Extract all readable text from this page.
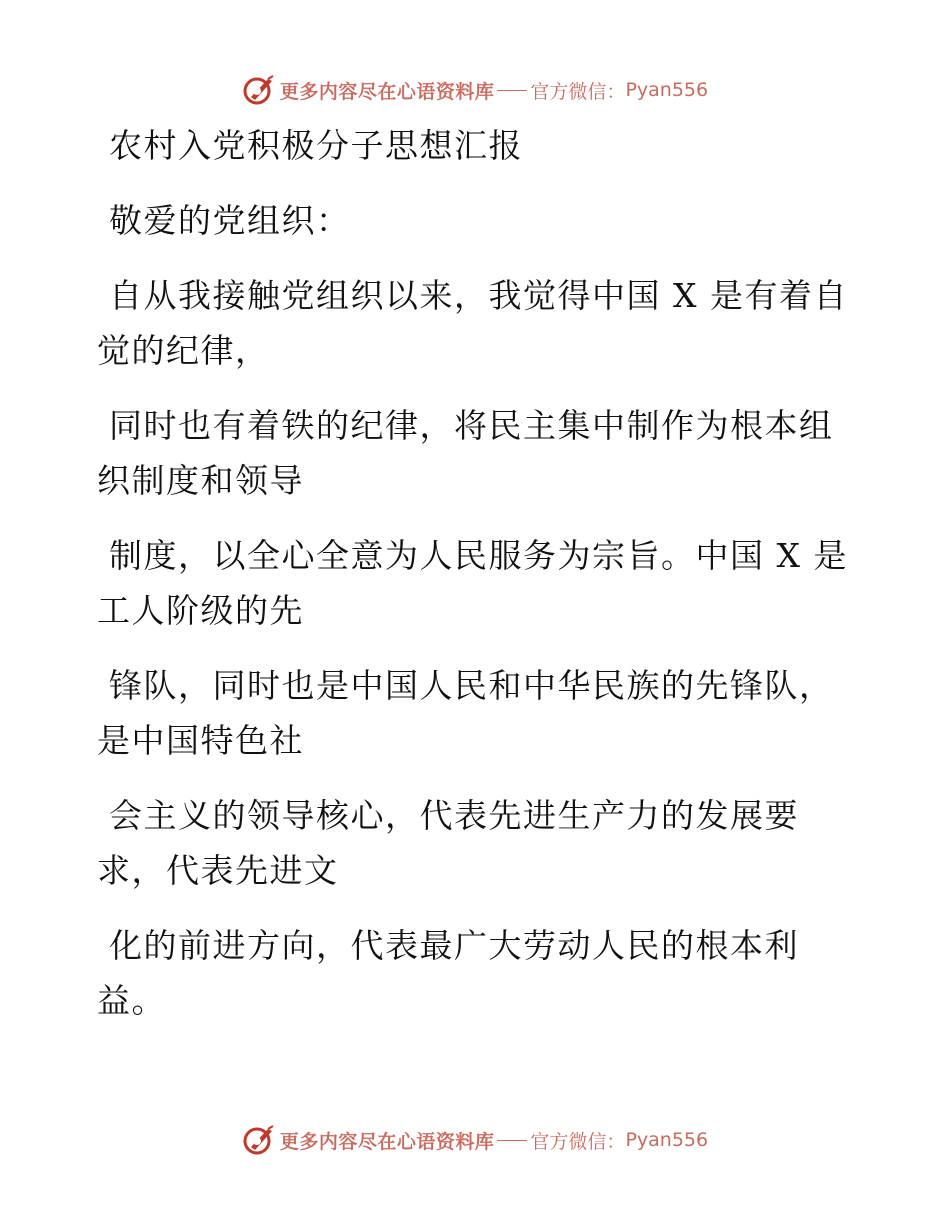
更多内容尽在心语资料库 官方微信： Pyan556

农村入党积极分子思想汇报

敬爱的党组织：

自从我接触党组织以来，我觉得中国 X 是有着自

觉的纪律，

同时也有着铁的纪律，将民主集中制作为根本组

织制度和领导

制度，以全心全意为人民服务为宗旨。中国 X 是

工人阶级的先

锋队，同时也是中国人民和中华民族的先锋队，

是中国特色社

会主义的领导核心，代表先进生产力的发展要

求，代表先进文

化的前进方向，代表最广大劳动人民的根本利

益。

更多内容尽在心语资料库 官方微信： Pyan556
